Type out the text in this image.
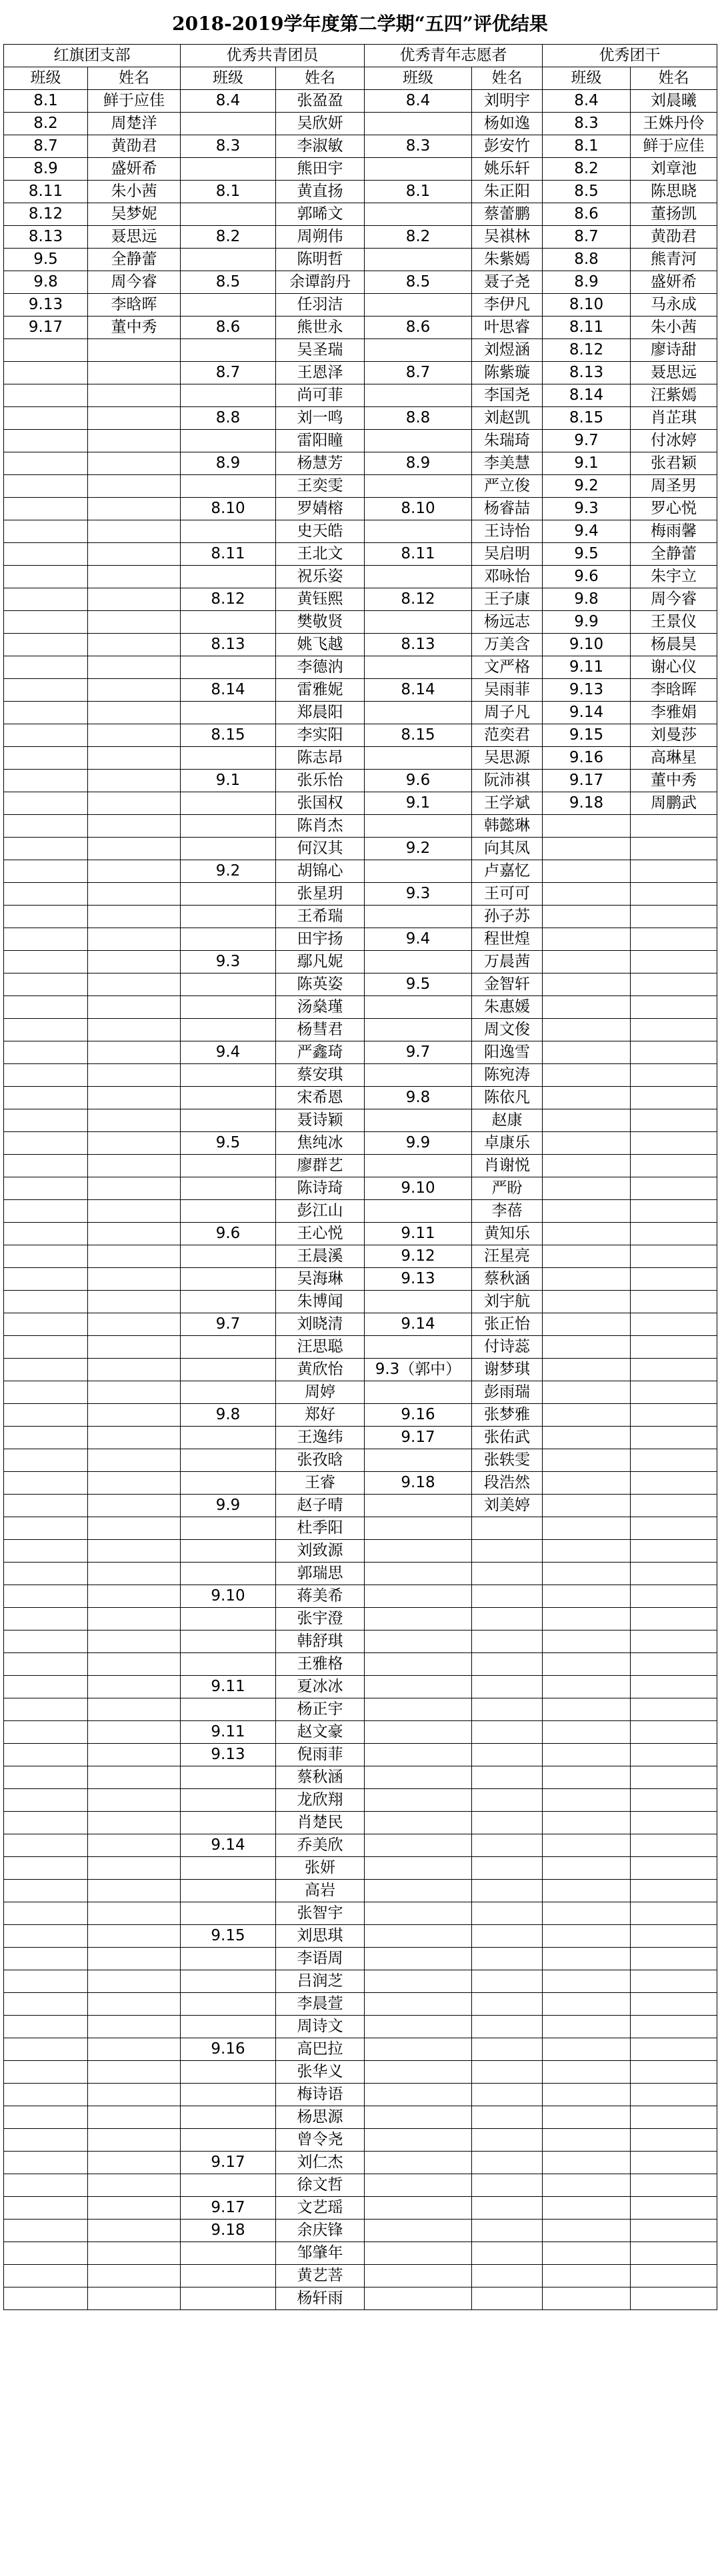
2018-2019学年度第二学期“五四”评优结果
红旗团支部		优秀共青团员		优秀青年志愿者		优秀团干	
班级	姓名	班级	姓名	班级	姓名	班级	姓名
8.1	鲜于应佳	8.4	张盈盈	8.4	刘明宇	8.4	刘晨曦
8.2	周楚洋		吴欣妍		杨如逸	8.3	王姝丹伶
8.7	黄劭君	8.3	李淑敏	8.3	彭安竹	8.1	鲜于应佳
8.9	盛妍希		熊田宇		姚乐轩	8.2	刘章池
8.11	朱小茜	8.1	黄直扬	8.1	朱正阳	8.5	陈思晓
8.12	吴梦妮		郭晞文		蔡蕾鹏	8.6	董扬凯
8.13	聂思远	8.2	周朔伟	8.2	吴祺林	8.7	黄劭君
9.5	全静蕾		陈明哲		朱紫嫣	8.8	熊青河
9.8	周今睿	8.5	余谭韵丹	8.5	聂子尧	8.9	盛妍希
9.13	李晗晖		任羽洁		李伊凡	8.10	马永成
9.17	董中秀	8.6	熊世永	8.6	叶思睿	8.11	朱小茜
			吴圣瑞		刘煜涵	8.12	廖诗甜
		8.7	王恩泽	8.7	陈紫璇	8.13	聂思远
			尚可菲		李国尧	8.14	汪紫嫣
		8.8	刘一鸣	8.8	刘赵凯	8.15	肖芷琪
			雷阳瞳		朱瑞琦	9.7	付冰婷
		8.9	杨慧芳	8.9	李美慧	9.1	张君颖
			王奕雯		严立俊	9.2	周圣男
		8.10	罗婧榕	8.10	杨睿喆	9.3	罗心悦
			史天皓		王诗怡	9.4	梅雨馨
		8.11	王北文	8.11	吴启明	9.5	全静蕾
			祝乐姿		邓咏怡	9.6	朱宇立
		8.12	黄钰熙	8.12	王子康	9.8	周今睿
			樊敬贤		杨远志	9.9	王景仪
		8.13	姚飞越	8.13	万美含	9.10	杨晨昊
			李德汭		文严格	9.11	谢心仪
		8.14	雷雅妮	8.14	吴雨菲	9.13	李晗晖
			郑晨阳		周子凡	9.14	李雅娟
		8.15	李实阳	8.15	范奕君	9.15	刘曼莎
			陈志昂		吴思源	9.16	高琳星
		9.1	张乐怡	9.6	阮沛祺	9.17	董中秀
			张国权	9.1	王学斌	9.18	周鹏武
			陈肖杰		韩懿琳		
			何汉其	9.2	向其凤		
		9.2	胡锦心		卢嘉忆		
			张星玥	9.3	王可可		
			王希瑞		孙子苏		
			田宇扬	9.4	程世煌		
		9.3	鄢凡妮		万晨茜		
			陈英姿	9.5	金智轩		
			汤燊瑾		朱惠媛		
			杨彗君		周文俊		
		9.4	严鑫琦	9.7	阳逸雪		
			蔡安琪		陈宛涛		
			宋希恩	9.8	陈依凡		
			聂诗颖		赵康		
		9.5	焦纯冰	9.9	卓康乐		
			廖群艺		肖谢悦		
			陈诗琦	9.10	严盼		
			彭江山		李蓓		
		9.6	王心悦	9.11	黄知乐		
			王晨溪	9.12	汪星亮		
			吴海琳	9.13	蔡秋涵		
			朱博闻		刘宇航		
		9.7	刘晓清	9.14	张正怡		
			汪思聪		付诗蕊		
			黄欣怡	9.3（郭中）	谢梦琪		
			周婷		彭雨瑞		
		9.8	郑好	9.16	张梦雅		
			王逸纬	9.17	张佑武		
			张孜晗		张轶雯		
			王睿	9.18	段浩然		
		9.9	赵子晴		刘美婷		
			杜季阳				
			刘致源				
			郭瑞思				
		9.10	蒋美希				
			张宇澄				
			韩舒琪				
			王雅格				
		9.11	夏冰冰				
			杨正宇				
		9.11	赵文豪				
		9.13	倪雨菲				
			蔡秋涵				
			龙欣翔				
			肖楚民				
		9.14	乔美欣				
			张妍				
			高岩				
			张智宇				
		9.15	刘思琪				
			李语周				
			吕润芝				
			李晨萱				
			周诗文				
		9.16	高巴拉				
			张华义				
			梅诗语				
			杨思源				
			曾令尧				
		9.17	刘仁杰				
			徐文哲				
		9.17	文艺瑶				
		9.18	余庆锋				
			邹肇年				
			黄艺菩				
			杨轩雨				
